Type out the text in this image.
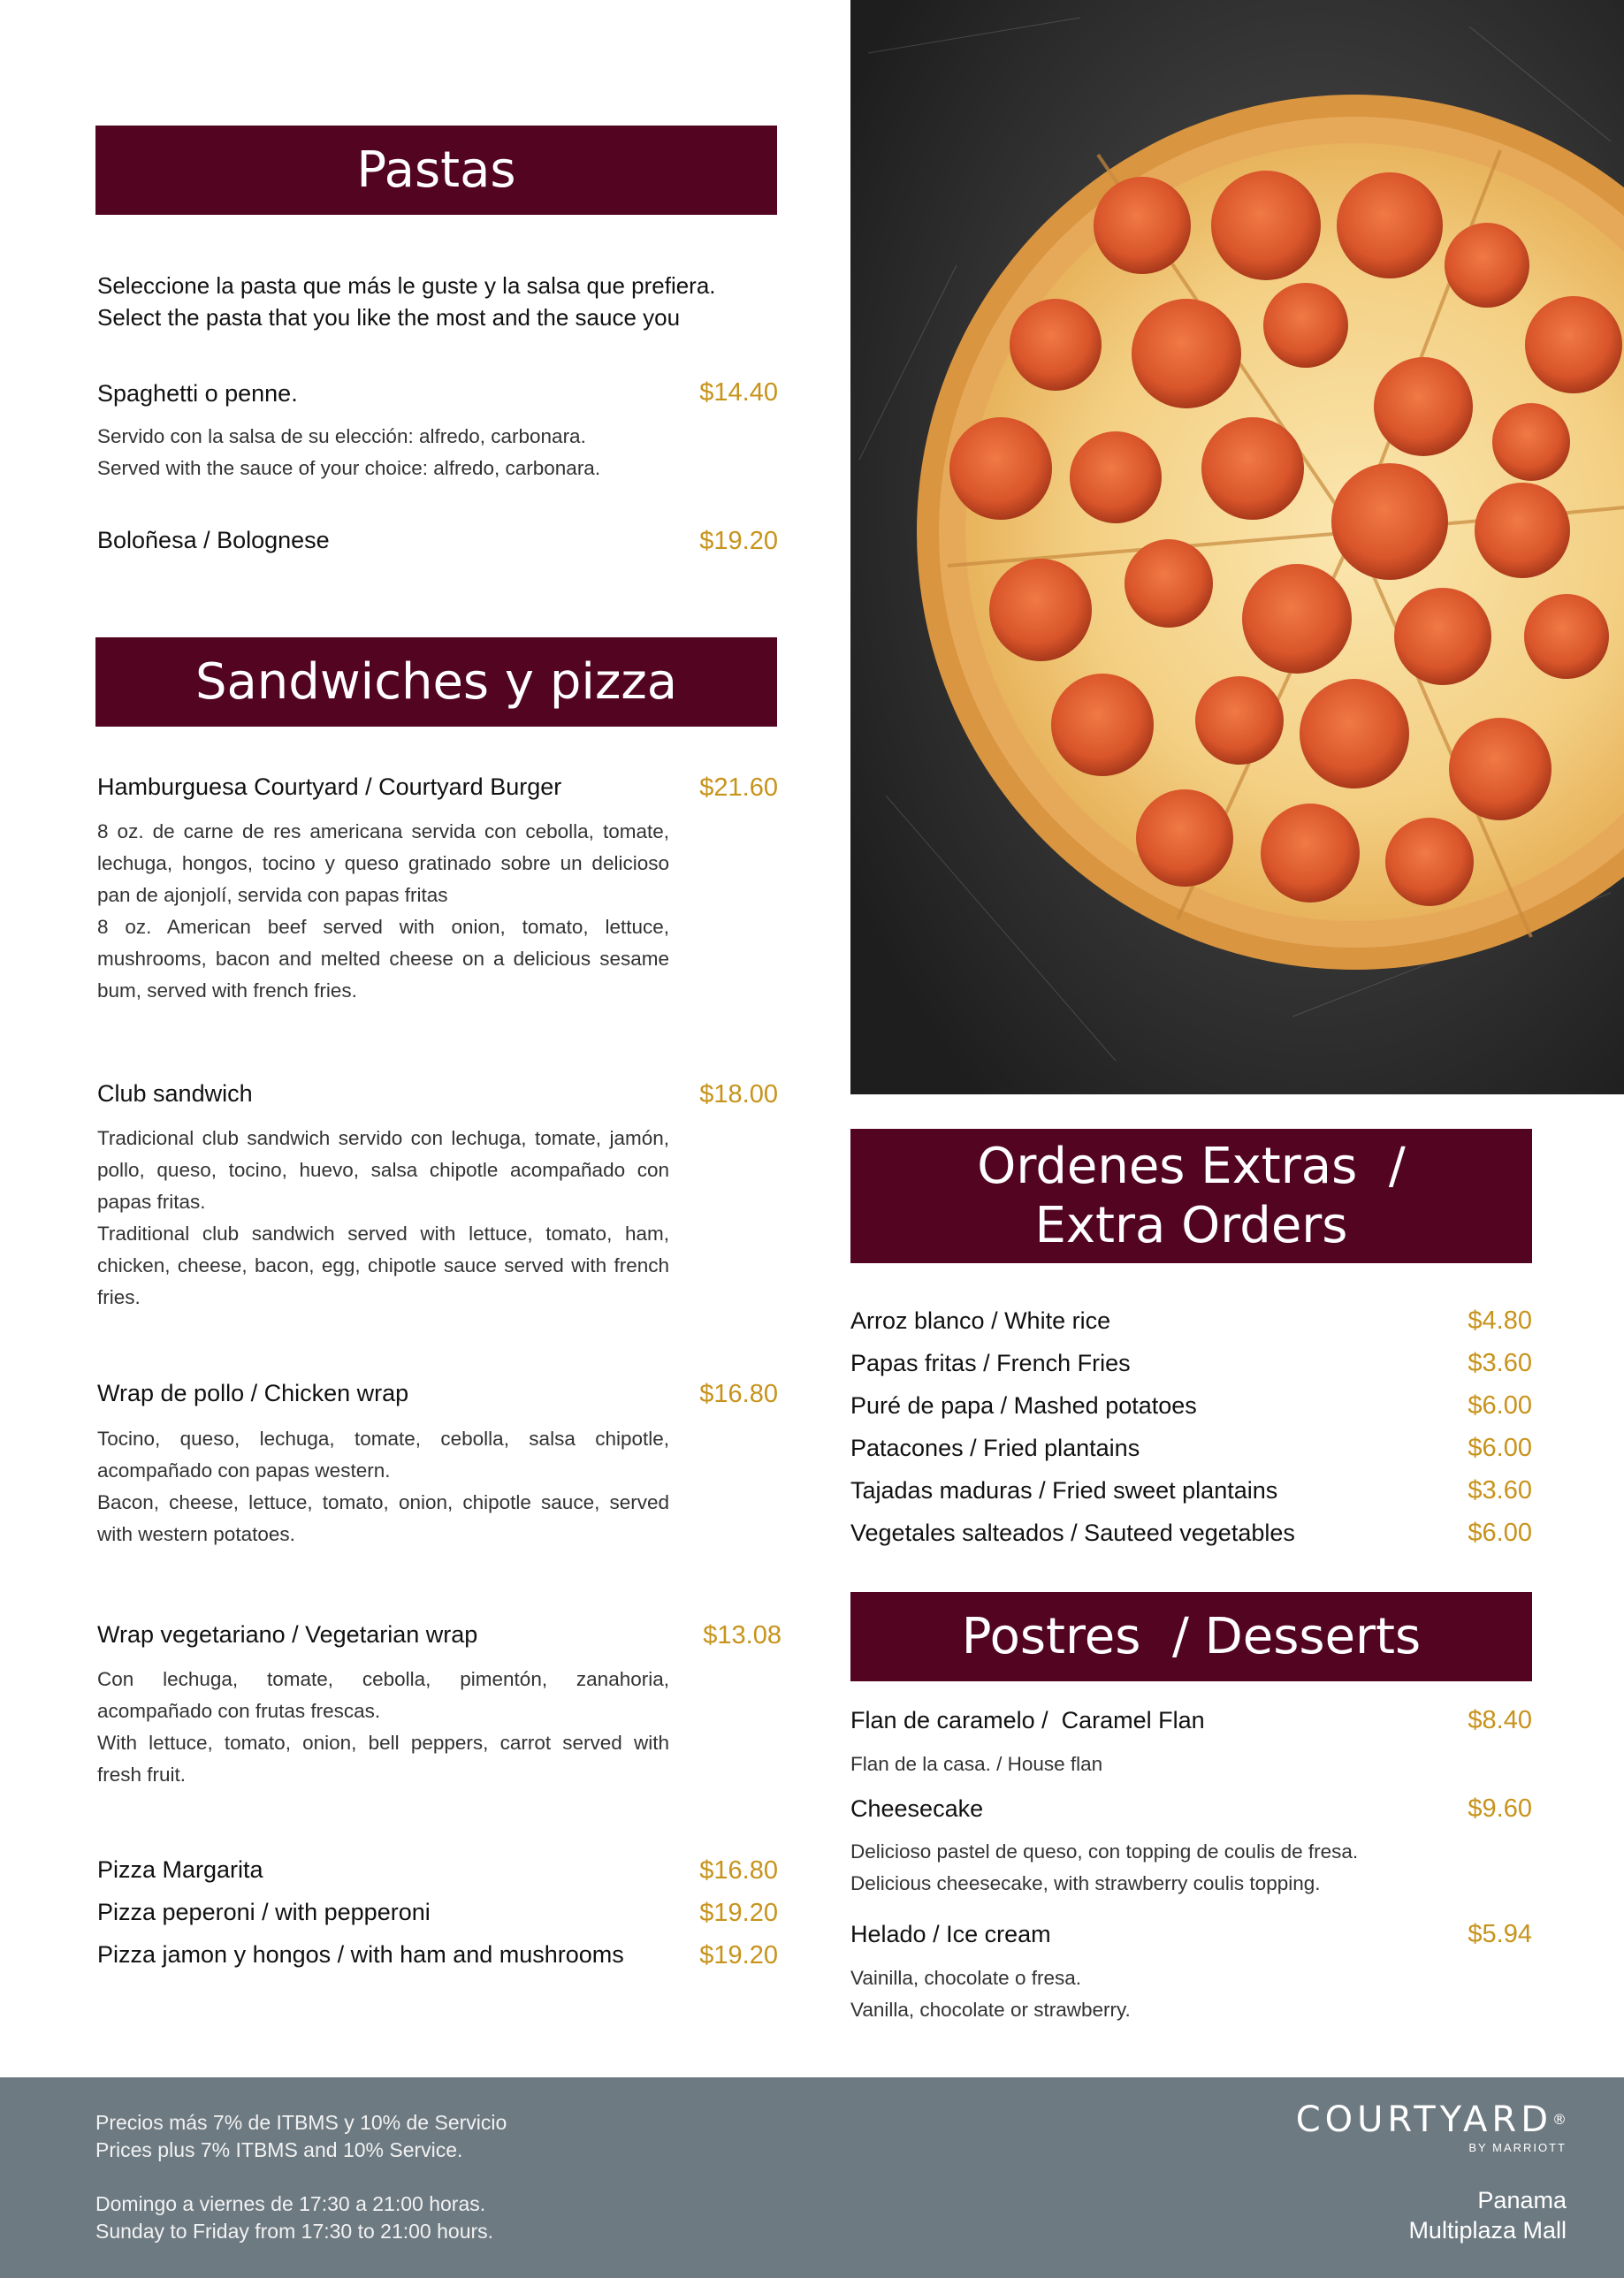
Pastas
Seleccione la pasta que más le guste y la salsa que prefiera.
Select the pasta that you like the most and the sauce you
Spaghetti o penne.	$14.40
Servido con la salsa de su elección: alfredo, carbonara.
Served with the sauce of your choice: alfredo, carbonara.
Boloñesa / Bolognese	$19.20
Sandwiches y pizza
Hamburguesa Courtyard / Courtyard Burger	$21.60
8 oz. de carne de res americana servida con cebolla, tomate, lechuga, hongos, tocino y queso gratinado sobre un delicioso pan de ajonjolí, servida con papas fritas
8 oz. American beef served with onion, tomato, lettuce, mushrooms, bacon and melted cheese on a delicious sesame bum, served with french fries.
Club sandwich	$18.00
Tradicional club sandwich servido con lechuga, tomate, jamón, pollo, queso, tocino, huevo, salsa chipotle acompañado con papas fritas.
Traditional club sandwich served with lettuce, tomato, ham, chicken, cheese, bacon, egg, chipotle sauce served with french fries.
Wrap de pollo / Chicken wrap	$16.80
Tocino, queso, lechuga, tomate, cebolla, salsa chipotle, acompañado con papas western.
Bacon, cheese, lettuce, tomato, onion, chipotle sauce, served with western potatoes.
Wrap vegetariano / Vegetarian wrap	$13.08
Con lechuga, tomate, cebolla, pimentón, zanahoria, acompañado con frutas frescas.
With lettuce, tomato, onion, bell peppers, carrot served with fresh fruit.
Pizza Margarita	$16.80
Pizza peperoni / with pepperoni	$19.20
Pizza jamon y hongos / with ham and mushrooms	$19.20
Ordenes Extras  /
Extra Orders
Arroz blanco / White rice	$4.80
Papas fritas / French Fries	$3.60
Puré de papa / Mashed potatoes	$6.00
Patacones / Fried plantains	$6.00
Tajadas maduras / Fried sweet plantains	$3.60
Vegetales salteados / Sauteed vegetables	$6.00
Postres  / Desserts
Flan de caramelo /  Caramel Flan	$8.40
Flan de la casa. / House flan
Cheesecake	$9.60
Delicioso pastel de queso, con topping de coulis de fresa.
Delicious cheesecake, with strawberry coulis topping.
Helado / Ice cream	$5.94
Vainilla, chocolate o fresa.
Vanilla, chocolate or strawberry.
Precios más 7% de ITBMS y 10% de Servicio
Prices plus 7% ITBMS and 10% Service.
Domingo a viernes de 17:30 a 21:00 horas.
Sunday to Friday from 17:30 to 21:00 hours.
COURTYARD®
BY MARRIOTT
Panama
Multiplaza Mall
